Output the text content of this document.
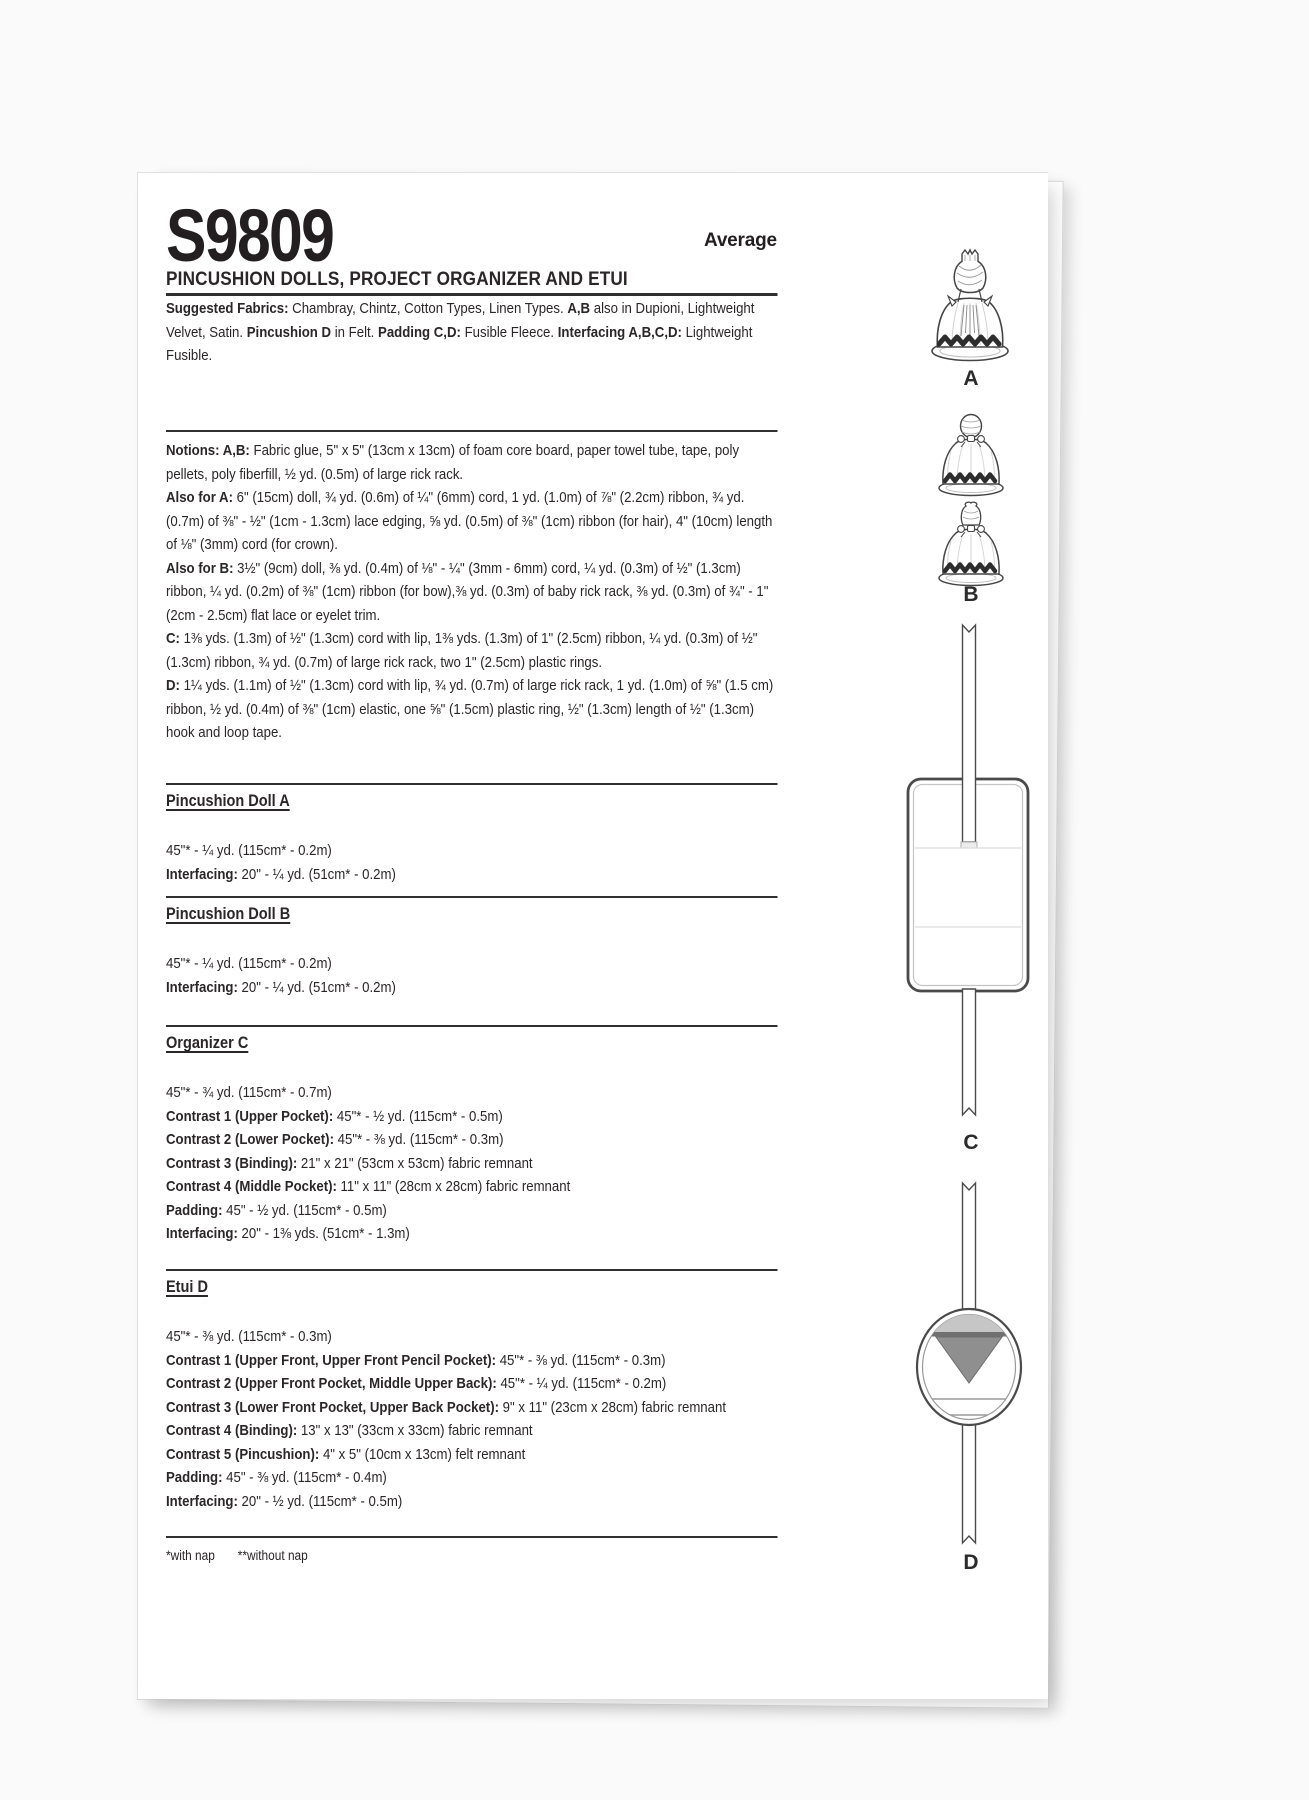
S9809	Average
PINCUSHION DOLLS, PROJECT ORGANIZER AND ETUI

Suggested Fabrics: Chambray, Chintz, Cotton Types, Linen Types. A,B also in Dupioni, Lightweight Velvet, Satin. Pincushion D in Felt. Padding C,D: Fusible Fleece. Interfacing A,B,C,D: Lightweight Fusible.

Notions: A,B: Fabric glue, 5" x 5" (13cm x 13cm) of foam core board, paper towel tube, tape, poly pellets, poly fiberfill, ½ yd. (0.5m) of large rick rack.
Also for A: 6" (15cm) doll, ¾ yd. (0.6m) of ¼" (6mm) cord, 1 yd. (1.0m) of ⅞" (2.2cm) ribbon, ¾ yd. (0.7m) of ⅜" - ½" (1cm - 1.3cm) lace edging, ⅝ yd. (0.5m) of ⅜" (1cm) ribbon (for hair), 4" (10cm) length of ⅛" (3mm) cord (for crown).
Also for B: 3½" (9cm) doll, ⅜ yd. (0.4m) of ⅛" - ¼" (3mm - 6mm) cord, ¼ yd. (0.3m) of ½" (1.3cm) ribbon, ¼ yd. (0.2m) of ⅜" (1cm) ribbon (for bow),⅜ yd. (0.3m) of baby rick rack, ⅜ yd. (0.3m) of ¾" - 1" (2cm - 2.5cm) flat lace or eyelet trim.
C: 1⅜ yds. (1.3m) of ½" (1.3cm) cord with lip, 1⅜ yds. (1.3m) of 1" (2.5cm) ribbon, ¼ yd. (0.3m) of ½" (1.3cm) ribbon, ¾ yd. (0.7m) of large rick rack, two 1" (2.5cm) plastic rings.
D: 1¼ yds. (1.1m) of ½" (1.3cm) cord with lip, ¾ yd. (0.7m) of large rick rack, 1 yd. (1.0m) of ⅝" (1.5 cm) ribbon, ½ yd. (0.4m) of ⅜" (1cm) elastic, one ⅝" (1.5cm) plastic ring, ½" (1.3cm) length of ½" (1.3cm) hook and loop tape.
Pincushion Doll A
45"* - ¼ yd. (115cm* - 0.2m)
Interfacing: 20" - ¼ yd. (51cm* - 0.2m)
Pincushion Doll B
45"* - ¼ yd. (115cm* - 0.2m)
Interfacing: 20" - ¼ yd. (51cm* - 0.2m)
Organizer C
45"* - ¾ yd. (115cm* - 0.7m)
Contrast 1 (Upper Pocket): 45"* - ½ yd. (115cm* - 0.5m)
Contrast 2 (Lower Pocket): 45"* - ⅜ yd. (115cm* - 0.3m)
Contrast 3 (Binding): 21" x 21" (53cm x 53cm) fabric remnant
Contrast 4 (Middle Pocket): 11" x 11" (28cm x 28cm) fabric remnant
Padding: 45" - ½ yd. (115cm* - 0.5m)
Interfacing: 20" - 1⅜ yds. (51cm* - 1.3m)
Etui D
45"* - ⅜ yd. (115cm* - 0.3m)
Contrast 1 (Upper Front, Upper Front Pencil Pocket): 45"* - ⅜ yd. (115cm* - 0.3m)
Contrast 2 (Upper Front Pocket, Middle Upper Back): 45"* - ¼ yd. (115cm* - 0.2m)
Contrast 3 (Lower Front Pocket, Upper Back Pocket): 9" x 11" (23cm x 28cm) fabric remnant
Contrast 4 (Binding): 13" x 13" (33cm x 33cm) fabric remnant
Contrast 5 (Pincushion): 4" x 5" (10cm x 13cm) felt remnant
Padding: 45" - ⅜ yd. (115cm* - 0.4m)
Interfacing: 20" - ½ yd. (115cm* - 0.5m)
*with nap **without nap
A
B
C
D
